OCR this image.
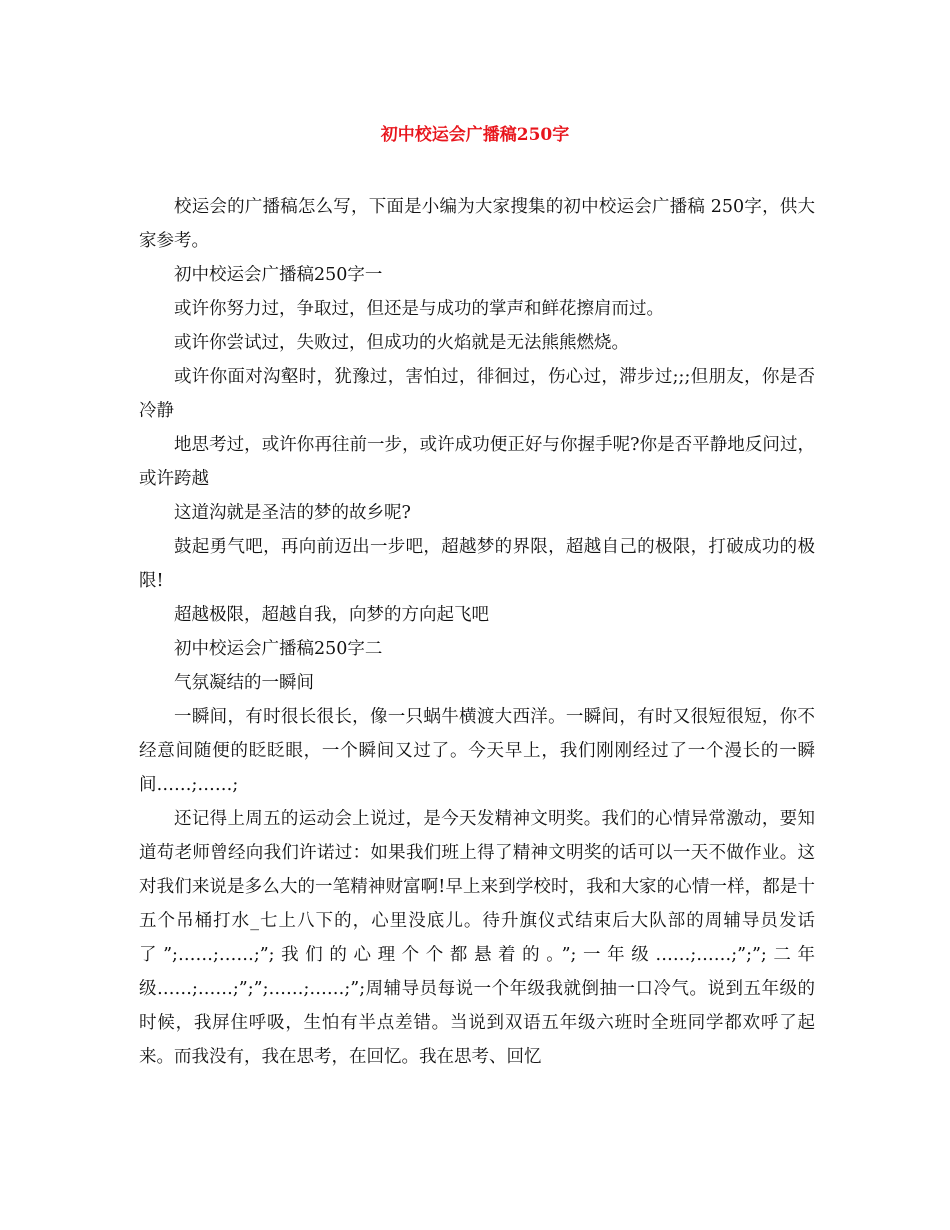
初中校运会广播稿250字

校运会的广播稿怎么写，下面是小编为大家搜集的初中校运会广播稿 250字，供大家参考。

初中校运会广播稿250字一

或许你努力过，争取过，但还是与成功的掌声和鲜花擦肩而过。

或许你尝试过，失败过，但成功的火焰就是无法熊熊燃烧。

或许你面对沟壑时，犹豫过，害怕过，徘徊过，伤心过，滞步过;;;但朋友，你是否冷静

地思考过，或许你再往前一步，或许成功便正好与你握手呢?你是否平静地反问过，或许跨越

这道沟就是圣洁的梦的故乡呢?

鼓起勇气吧，再向前迈出一步吧，超越梦的界限，超越自己的极限，打破成功的极限!

超越极限，超越自我，向梦的方向起飞吧

初中校运会广播稿250字二

气氛凝结的一瞬间

一瞬间，有时很长很长，像一只蜗牛横渡大西洋。一瞬间，有时又很短很短，你不经意间随便的眨眨眼，一个瞬间又过了。今天早上，我们刚刚经过了一个漫长的一瞬间……;……;

还记得上周五的运动会上说过，是今天发精神文明奖。我们的心情异常激动，要知道苟老师曾经向我们许诺过：如果我们班上得了精神文明奖的话可以一天不做作业。这对我们来说是多么大的一笔精神财富啊!早上来到学校时，我和大家的心情一样，都是十五个吊桶打水_七上八下的，心里没底儿。待升旗仪式结束后大队部的周辅导员发话了”;……;……;”;我们的心理个个都悬着的。”;一年级……;……;”;”;二年级……;……;”;”;……;……;”;周辅导员每说一个年级我就倒抽一口冷气。说到五年级的时候，我屏住呼吸，生怕有半点差错。当说到双语五年级六班时全班同学都欢呼了起来。而我没有，我在思考，在回忆。我在思考、回忆
